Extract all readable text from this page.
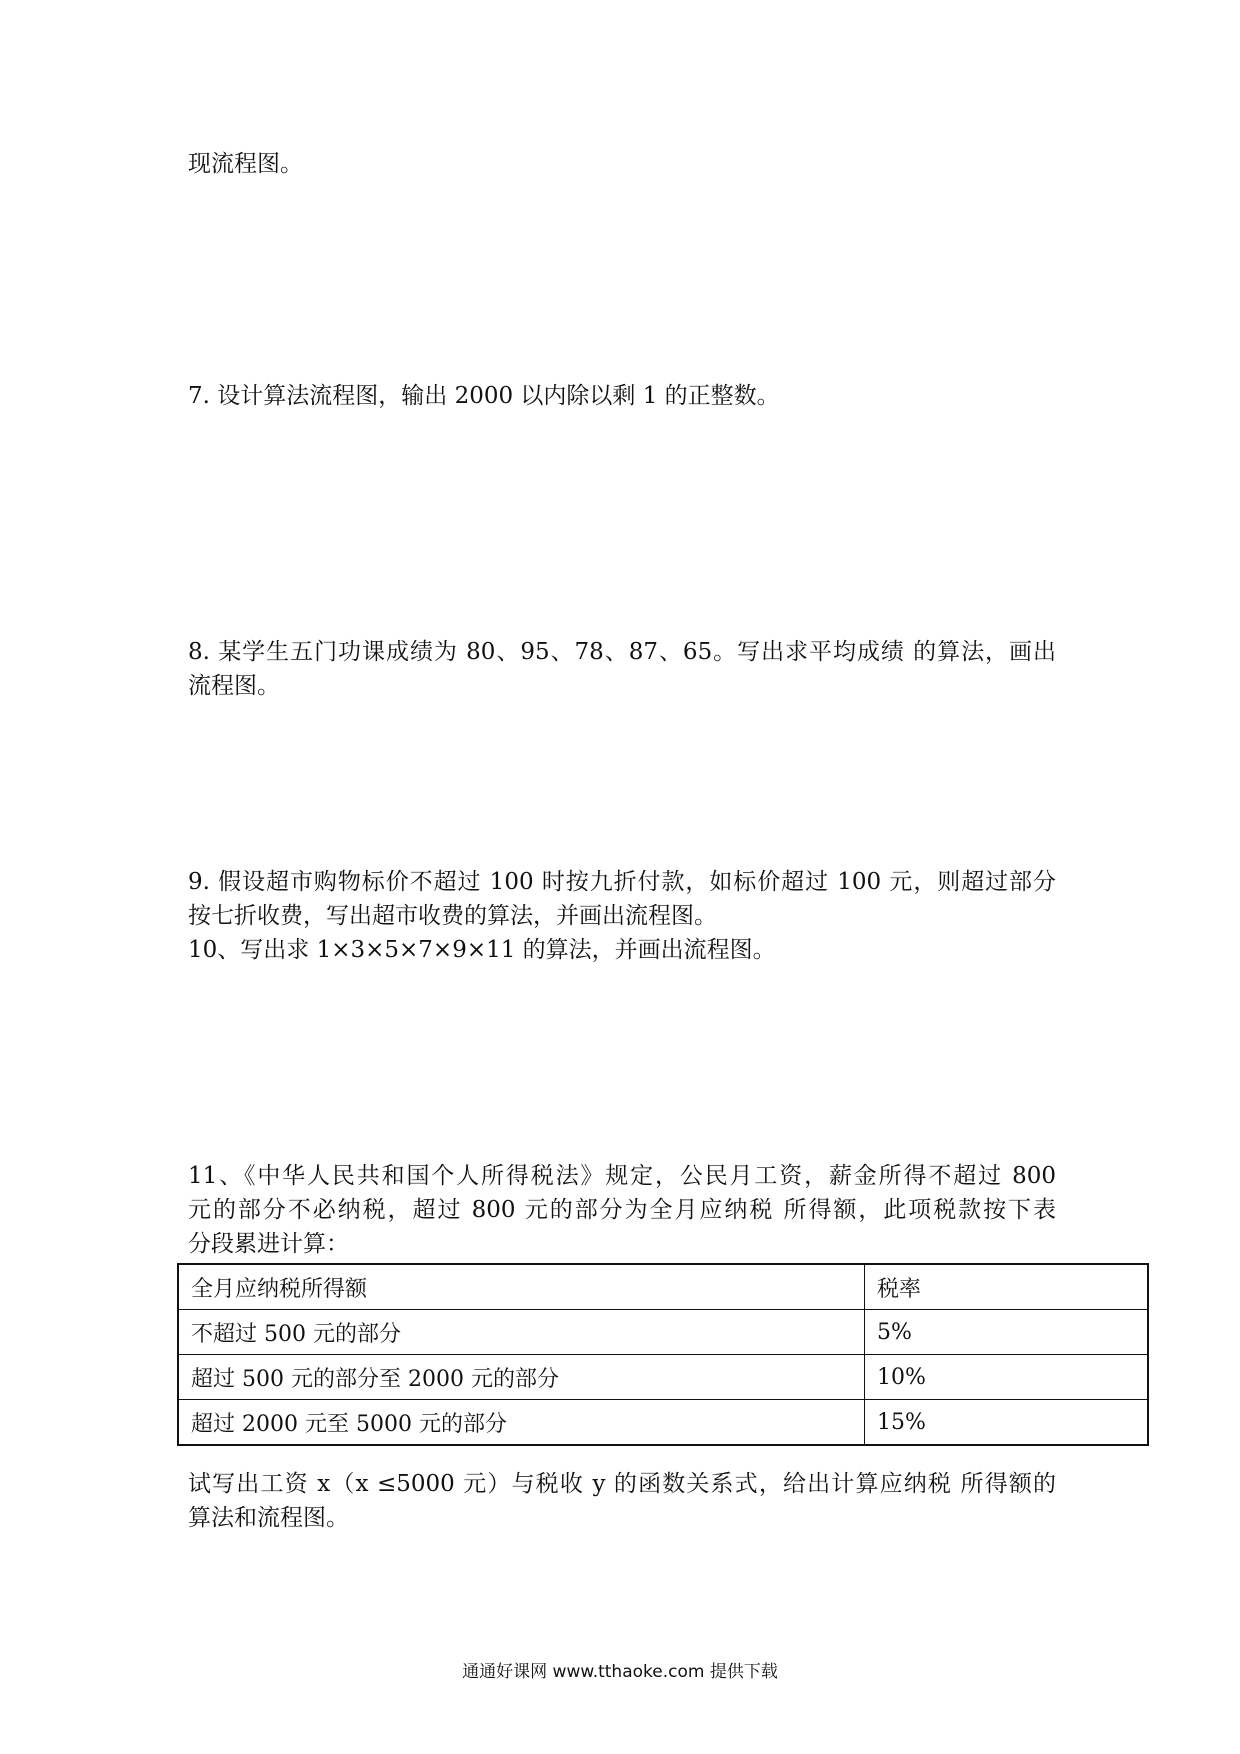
现流程图。
7. 设计算法流程图，输出 2000 以内除以剩 1 的正整数。
8. 某学生五门功课成绩为 80、95、78、87、65。写出求平均成绩 的算法，画出
流程图。
9. 假设超市购物标价不超过 100 时按九折付款，如标价超过 100 元，则超过部分
按七折收费，写出超市收费的算法，并画出流程图。
10、写出求 1×3×5×7×9×11 的算法，并画出流程图。
11、《中华人民共和国个人所得税法》规定，公民月工资，薪金所得不超过 800
元的部分不必纳税，超过 800 元的部分为全月应纳税 所得额，此项税款按下表
分段累进计算：
全月应纳税所得额	税率
不超过 500 元的部分	5%
超过 500 元的部分至 2000 元的部分	10%
超过 2000 元至 5000 元的部分	15%
试写出工资 x（x ≤5000 元）与税收 y 的函数关系式，给出计算应纳税 所得额的
算法和流程图。
通通好课网 www.tthaoke.com 提供下载
